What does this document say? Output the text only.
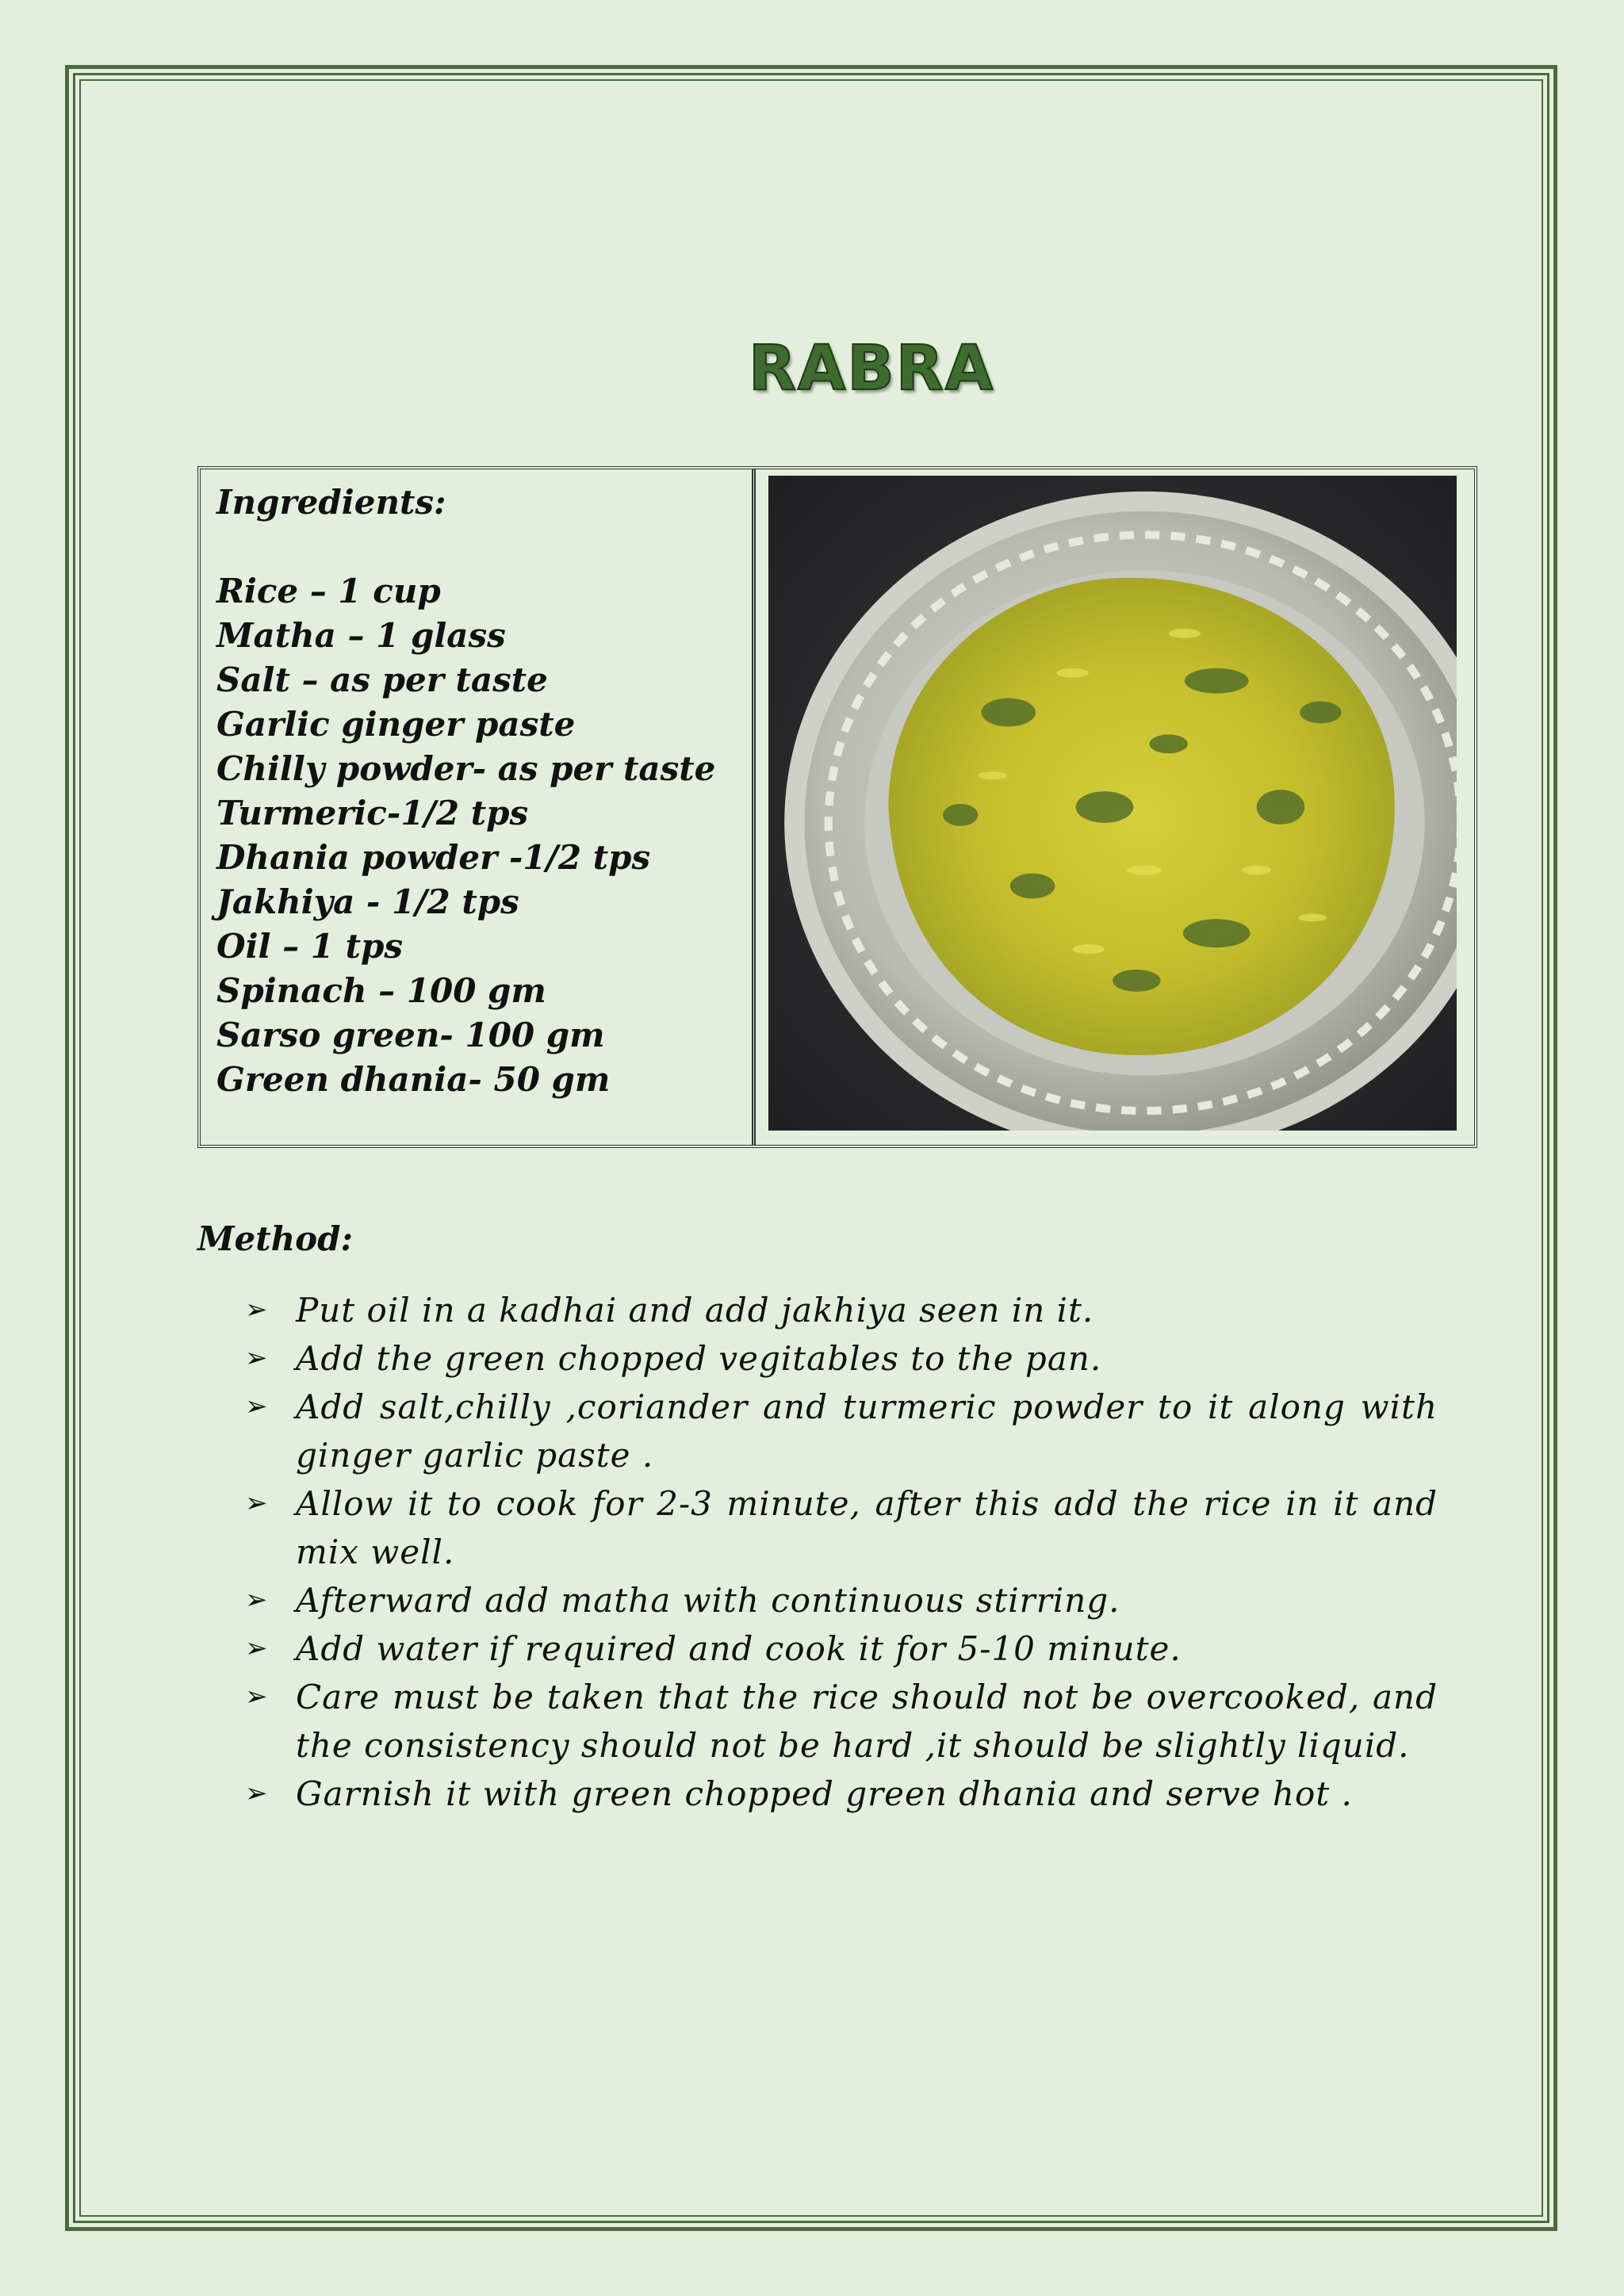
RABRA

Ingredients:

Rice – 1 cup
Matha – 1 glass
Salt – as per taste
Garlic ginger paste
Chilly powder- as per taste
Turmeric-1/2 tps
Dhania powder -1/2 tps
Jakhiya - 1/2 tps
Oil – 1 tps
Spinach – 100 gm
Sarso green- 100 gm
Green dhania- 50 gm

Method:

➢ Put oil in a kadhai and add jakhiya seen in it.
➢ Add the green chopped vegitables to the pan.
➢ Add salt,chilly ,coriander and turmeric powder to it along with ginger garlic paste .
➢ Allow it to cook for 2-3 minute, after this add the rice in it and mix well.
➢ Afterward add matha with continuous stirring.
➢ Add water if required and cook it for 5-10 minute.
➢ Care must be taken that the rice should not be overcooked, and the consistency should not be hard ,it should be slightly liquid.
➢ Garnish it with green chopped green dhania and serve hot .
